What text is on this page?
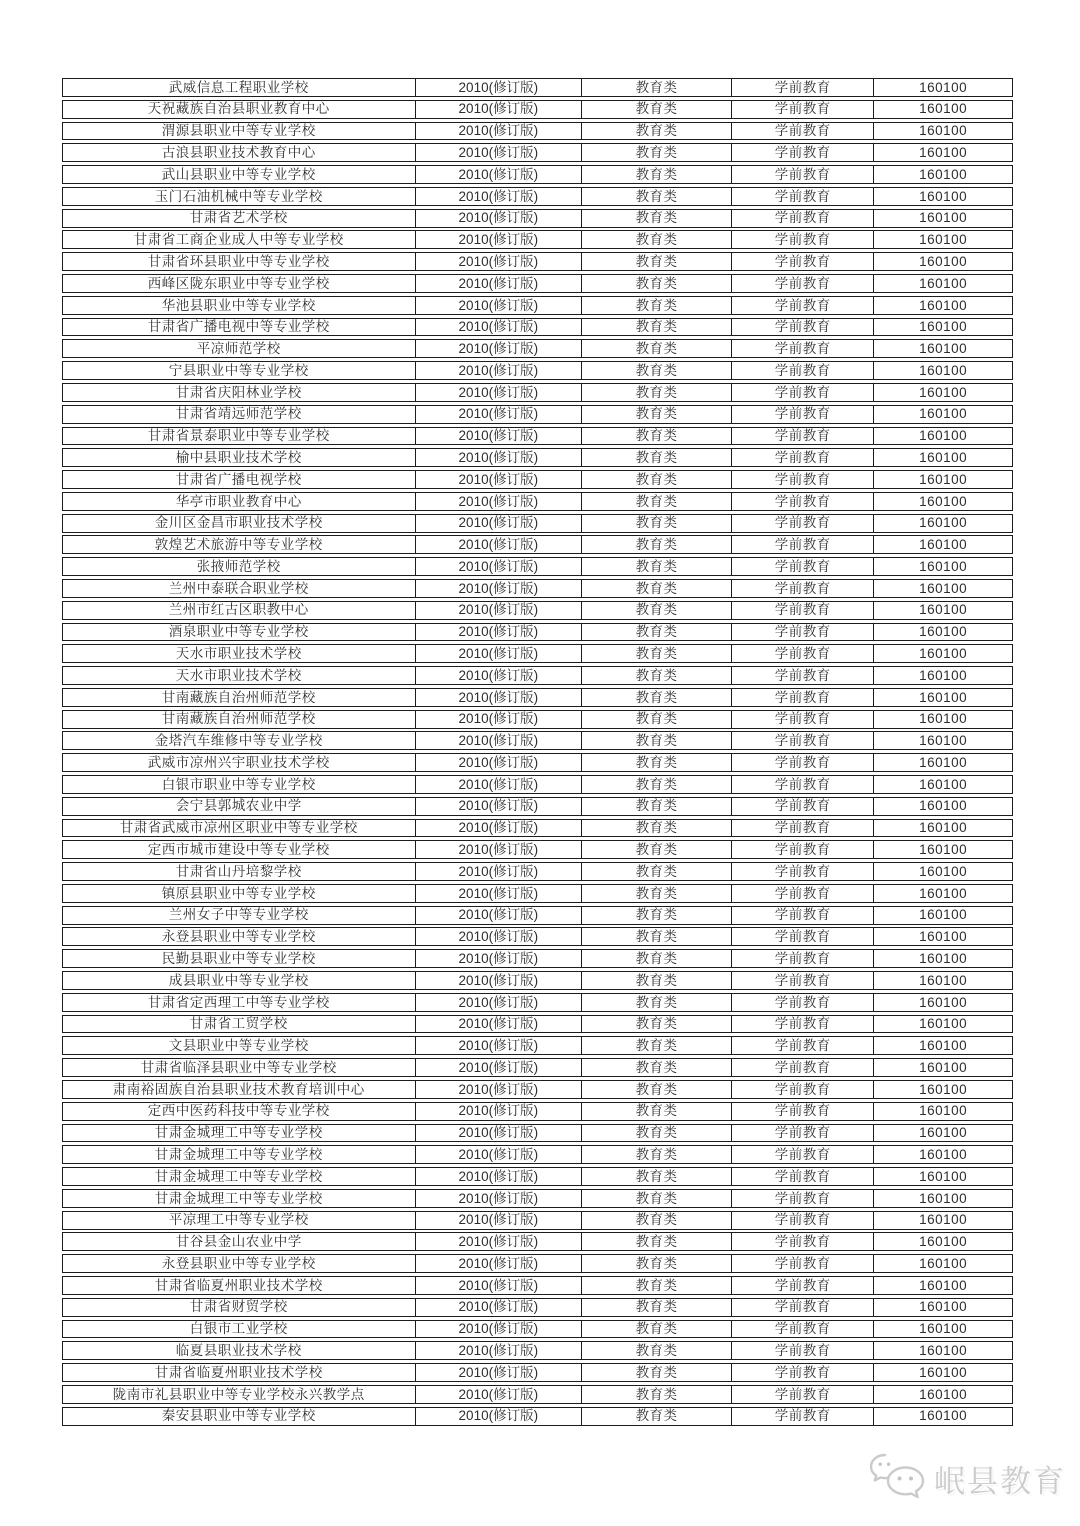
武威信息工程职业学校	2010(修订版)	教育类	学前教育	160100
天祝藏族自治县职业教育中心	2010(修订版)	教育类	学前教育	160100
渭源县职业中等专业学校	2010(修订版)	教育类	学前教育	160100
古浪县职业技术教育中心	2010(修订版)	教育类	学前教育	160100
武山县职业中等专业学校	2010(修订版)	教育类	学前教育	160100
玉门石油机械中等专业学校	2010(修订版)	教育类	学前教育	160100
甘肃省艺术学校	2010(修订版)	教育类	学前教育	160100
甘肃省工商企业成人中等专业学校	2010(修订版)	教育类	学前教育	160100
甘肃省环县职业中等专业学校	2010(修订版)	教育类	学前教育	160100
西峰区陇东职业中等专业学校	2010(修订版)	教育类	学前教育	160100
华池县职业中等专业学校	2010(修订版)	教育类	学前教育	160100
甘肃省广播电视中等专业学校	2010(修订版)	教育类	学前教育	160100
平凉师范学校	2010(修订版)	教育类	学前教育	160100
宁县职业中等专业学校	2010(修订版)	教育类	学前教育	160100
甘肃省庆阳林业学校	2010(修订版)	教育类	学前教育	160100
甘肃省靖远师范学校	2010(修订版)	教育类	学前教育	160100
甘肃省景泰职业中等专业学校	2010(修订版)	教育类	学前教育	160100
榆中县职业技术学校	2010(修订版)	教育类	学前教育	160100
甘肃省广播电视学校	2010(修订版)	教育类	学前教育	160100
华亭市职业教育中心	2010(修订版)	教育类	学前教育	160100
金川区金昌市职业技术学校	2010(修订版)	教育类	学前教育	160100
敦煌艺术旅游中等专业学校	2010(修订版)	教育类	学前教育	160100
张掖师范学校	2010(修订版)	教育类	学前教育	160100
兰州中泰联合职业学校	2010(修订版)	教育类	学前教育	160100
兰州市红古区职教中心	2010(修订版)	教育类	学前教育	160100
酒泉职业中等专业学校	2010(修订版)	教育类	学前教育	160100
天水市职业技术学校	2010(修订版)	教育类	学前教育	160100
天水市职业技术学校	2010(修订版)	教育类	学前教育	160100
甘南藏族自治州师范学校	2010(修订版)	教育类	学前教育	160100
甘南藏族自治州师范学校	2010(修订版)	教育类	学前教育	160100
金塔汽车维修中等专业学校	2010(修订版)	教育类	学前教育	160100
武威市凉州兴宇职业技术学校	2010(修订版)	教育类	学前教育	160100
白银市职业中等专业学校	2010(修订版)	教育类	学前教育	160100
会宁县郭城农业中学	2010(修订版)	教育类	学前教育	160100
甘肃省武威市凉州区职业中等专业学校	2010(修订版)	教育类	学前教育	160100
定西市城市建设中等专业学校	2010(修订版)	教育类	学前教育	160100
甘肃省山丹培黎学校	2010(修订版)	教育类	学前教育	160100
镇原县职业中等专业学校	2010(修订版)	教育类	学前教育	160100
兰州女子中等专业学校	2010(修订版)	教育类	学前教育	160100
永登县职业中等专业学校	2010(修订版)	教育类	学前教育	160100
民勤县职业中等专业学校	2010(修订版)	教育类	学前教育	160100
成县职业中等专业学校	2010(修订版)	教育类	学前教育	160100
甘肃省定西理工中等专业学校	2010(修订版)	教育类	学前教育	160100
甘肃省工贸学校	2010(修订版)	教育类	学前教育	160100
文县职业中等专业学校	2010(修订版)	教育类	学前教育	160100
甘肃省临泽县职业中等专业学校	2010(修订版)	教育类	学前教育	160100
肃南裕固族自治县职业技术教育培训中心	2010(修订版)	教育类	学前教育	160100
定西中医药科技中等专业学校	2010(修订版)	教育类	学前教育	160100
甘肃金城理工中等专业学校	2010(修订版)	教育类	学前教育	160100
甘肃金城理工中等专业学校	2010(修订版)	教育类	学前教育	160100
甘肃金城理工中等专业学校	2010(修订版)	教育类	学前教育	160100
甘肃金城理工中等专业学校	2010(修订版)	教育类	学前教育	160100
平凉理工中等专业学校	2010(修订版)	教育类	学前教育	160100
甘谷县金山农业中学	2010(修订版)	教育类	学前教育	160100
永登县职业中等专业学校	2010(修订版)	教育类	学前教育	160100
甘肃省临夏州职业技术学校	2010(修订版)	教育类	学前教育	160100
甘肃省财贸学校	2010(修订版)	教育类	学前教育	160100
白银市工业学校	2010(修订版)	教育类	学前教育	160100
临夏县职业技术学校	2010(修订版)	教育类	学前教育	160100
甘肃省临夏州职业技术学校	2010(修订版)	教育类	学前教育	160100
陇南市礼县职业中等专业学校永兴教学点	2010(修订版)	教育类	学前教育	160100
秦安县职业中等专业学校	2010(修订版)	教育类	学前教育	160100
岷县教育
